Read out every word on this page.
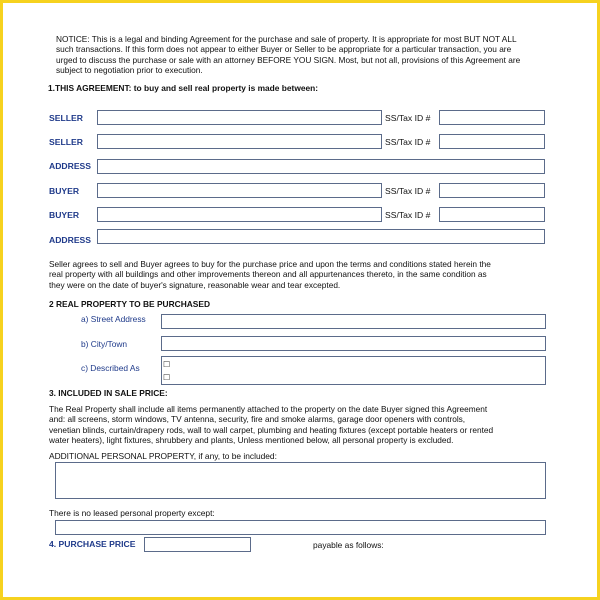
NOTICE: This is a legal and binding Agreement for the purchase and sale of property. It is appropriate for most BUT NOT ALL such transactions. If this form does not appear to either Buyer or Seller to be appropriate for a particular transaction, you are urged to discuss the purchase or sale with an attorney BEFORE YOU SIGN. Most, but not all, provisions of this Agreement are subject to negotiation prior to execution.
1.THIS AGREEMENT: to buy and sell real property is made between:
SELLER	SS/Tax ID #
SELLER	SS/Tax ID #
ADDRESS
BUYER	SS/Tax ID #
BUYER	SS/Tax ID #
ADDRESS
Seller agrees to sell and Buyer agrees to buy for the purchase price and upon the terms and conditions stated herein the
real property with all buildings and other improvements thereon and all appurtenances thereto, in the same condition as
they were on the date of buyer's signature, reasonable wear and tear excepted.
2 REAL PROPERTY TO BE PURCHASED
a) Street Address
b) City/Town
c) Described As	☐
☐
3. INCLUDED IN SALE PRICE:
The Real Property shall include all items permanently attached to the property on the date Buyer signed this Agreement
and: all screens, storm windows, TV antenna, security, fire and smoke alarms, garage door openers with controls,
venetian blinds, curtain/drapery rods, wall to wall carpet, plumbing and heating fixtures (except portable heaters or rented
water heaters), light fixtures, shrubbery and plants, Unless mentioned below, all personal property is excluded.
ADDITIONAL PERSONAL PROPERTY, if any, to be included:
There is no leased personal property except:
4. PURCHASE PRICE	payable as follows:
